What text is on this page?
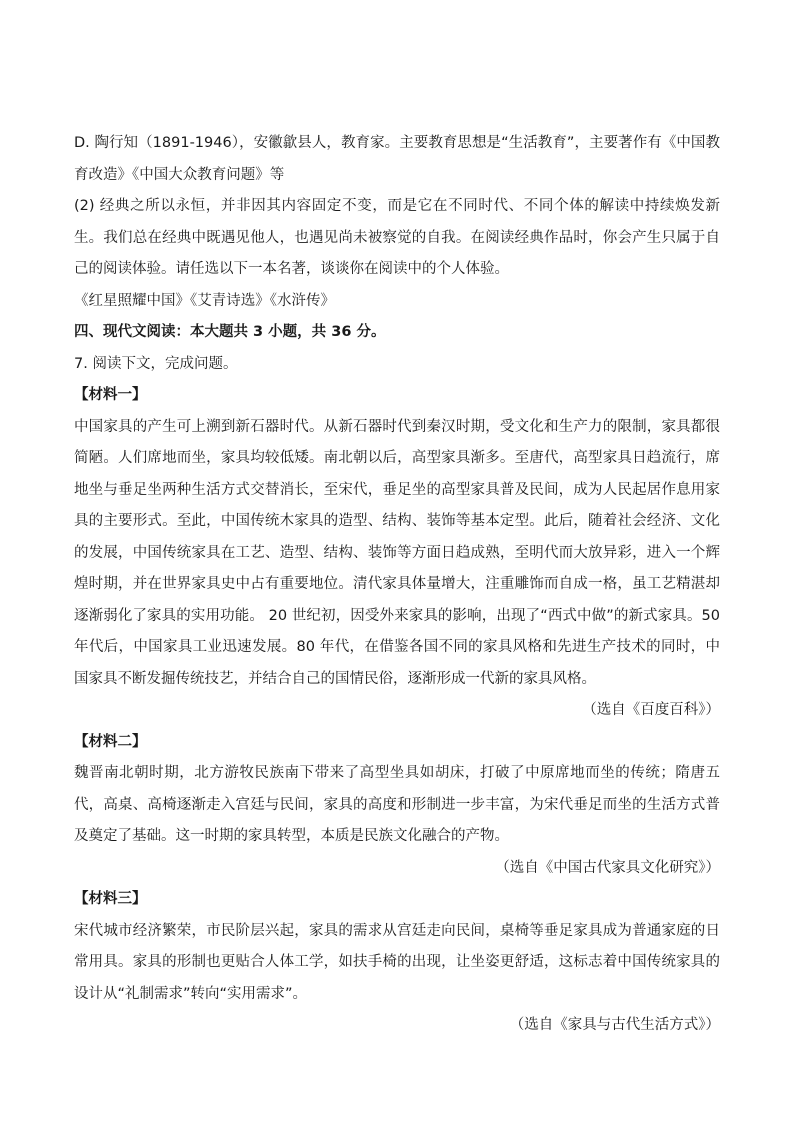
D. 陶行知（1891-1946），安徽歙县人，教育家。主要教育思想是“生活教育”，主要著作有《中国教育改造》《中国大众教育问题》等

(2) 经典之所以永恒，并非因其内容固定不变，而是它在不同时代、不同个体的解读中持续焕发新生。我们总在经典中既遇见他人，也遇见尚未被察觉的自我。在阅读经典作品时，你会产生只属于自己的阅读体验。请任选以下一本名著，谈谈你在阅读中的个人体验。

《红星照耀中国》《艾青诗选》《水浒传》

四、现代文阅读：本大题共 3 小题，共 36 分。

7. 阅读下文，完成问题。

【材料一】

中国家具的产生可上溯到新石器时代。从新石器时代到秦汉时期，受文化和生产力的限制，家具都很简陋。人们席地而坐，家具均较低矮。南北朝以后，高型家具渐多。至唐代，高型家具日趋流行，席地坐与垂足坐两种生活方式交替消长，至宋代，垂足坐的高型家具普及民间，成为人民起居作息用家具的主要形式。至此，中国传统木家具的造型、结构、装饰等基本定型。此后，随着社会经济、文化的发展，中国传统家具在工艺、造型、结构、装饰等方面日趋成熟，至明代而大放异彩，进入一个辉煌时期，并在世界家具史中占有重要地位。清代家具体量增大，注重雕饰而自成一格，虽工艺精湛却逐渐弱化了家具的实用功能。 20 世纪初，因受外来家具的影响，出现了“西式中做”的新式家具。50年代后，中国家具工业迅速发展。80 年代，在借鉴各国不同的家具风格和先进生产技术的同时，中国家具不断发掘传统技艺，并结合自己的国情民俗，逐渐形成一代新的家具风格。

（选自《百度百科》）

【材料二】

魏晋南北朝时期，北方游牧民族南下带来了高型坐具如胡床，打破了中原席地而坐的传统；隋唐五代，高桌、高椅逐渐走入宫廷与民间，家具的高度和形制进一步丰富，为宋代垂足而坐的生活方式普及奠定了基础。这一时期的家具转型，本质是民族文化融合的产物。

（选自《中国古代家具文化研究》）

【材料三】

宋代城市经济繁荣，市民阶层兴起，家具的需求从宫廷走向民间，桌椅等垂足家具成为普通家庭的日常用具。家具的形制也更贴合人体工学，如扶手椅的出现，让坐姿更舒适，这标志着中国传统家具的设计从“礼制需求”转向“实用需求”。

（选自《家具与古代生活方式》）
